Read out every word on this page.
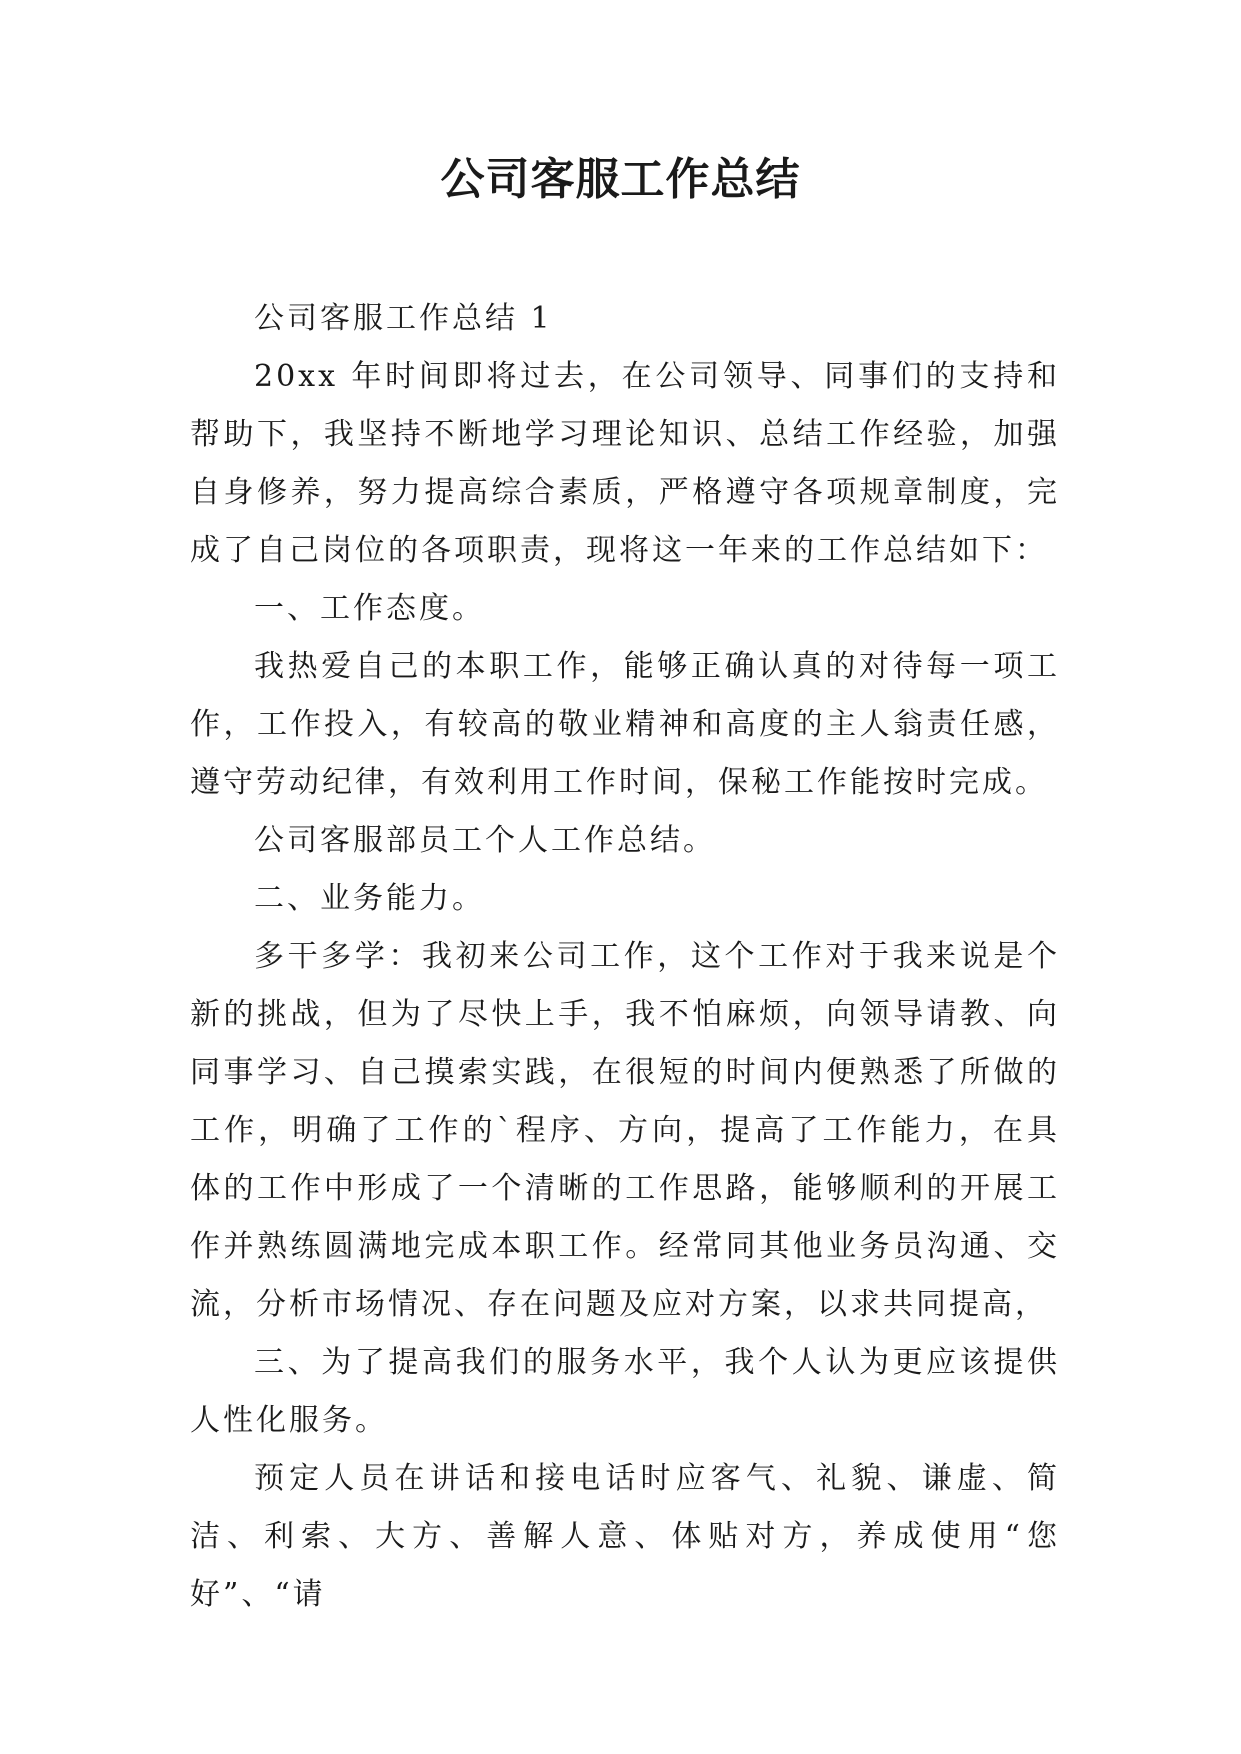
公司客服工作总结

公司客服工作总结 1

20xx 年时间即将过去，在公司领导、同事们的支持和帮助下，我坚持不断地学习理论知识、总结工作经验，加强自身修养，努力提高综合素质，严格遵守各项规章制度，完成了自己岗位的各项职责，现将这一年来的工作总结如下：

一、工作态度。

我热爱自己的本职工作，能够正确认真的对待每一项工作，工作投入，有较高的敬业精神和高度的主人翁责任感，遵守劳动纪律，有效利用工作时间，保秘工作能按时完成。

公司客服部员工个人工作总结。

二、业务能力。

多干多学：我初来公司工作，这个工作对于我来说是个新的挑战，但为了尽快上手，我不怕麻烦，向领导请教、向同事学习、自己摸索实践，在很短的时间内便熟悉了所做的工作，明确了工作的`程序、方向，提高了工作能力，在具体的工作中形成了一个清晰的工作思路，能够顺利的开展工作并熟练圆满地完成本职工作。经常同其他业务员沟通、交流，分析市场情况、存在问题及应对方案，以求共同提高，

三、为了提高我们的服务水平，我个人认为更应该提供人性化服务。

预定人员在讲话和接电话时应客气、礼貌、谦虚、简洁、利索、大方、善解人意、体贴对方，养成使用“您好”、“请
